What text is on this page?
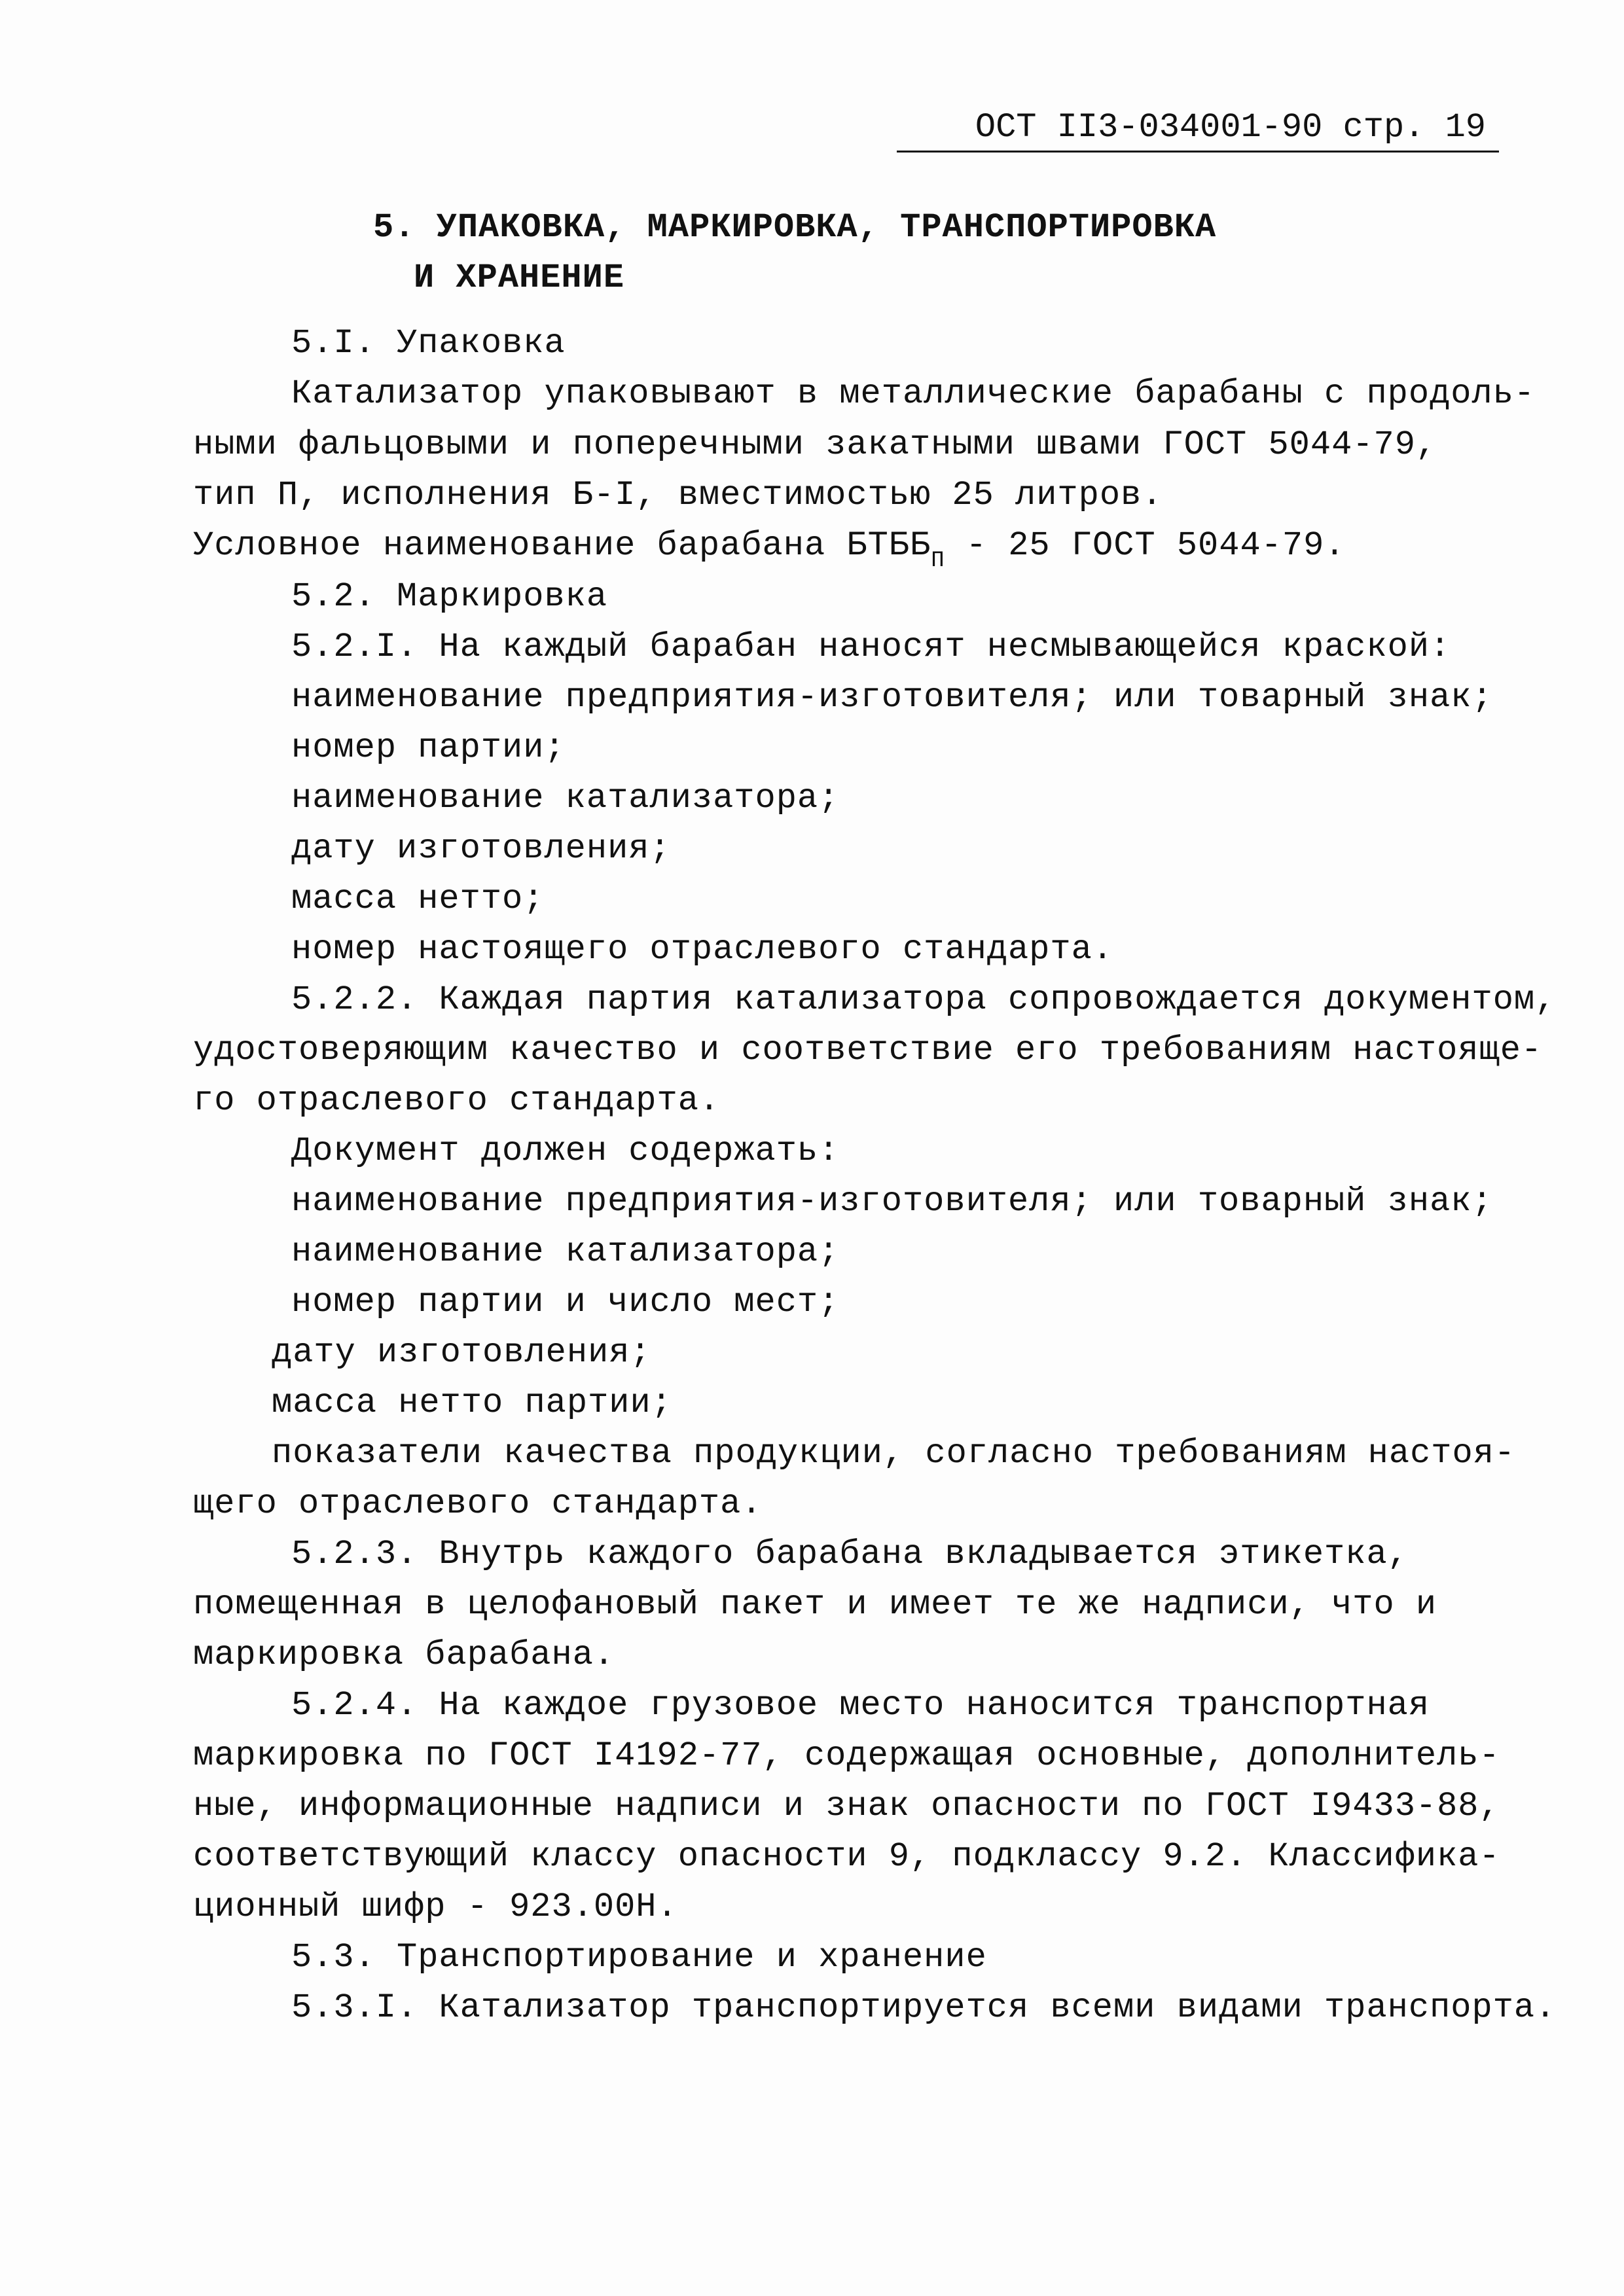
ОСТ II3-034001-90 стр. 19
5. УПАКОВКА, МАРКИРОВКА, ТРАНСПОРТИРОВКА
И ХРАНЕНИЕ
5.I. Упаковка
Катализатор упаковывают в металлические барабаны с продоль-
ными фальцовыми и поперечными закатными швами ГОСТ 5044-79,
тип П, исполнения Б-I, вместимостью 25 литров.
Условное наименование барабана $БТББ_П - 25$ ГОСТ 5044-79.
5.2. Маркировка
5.2.I. На каждый барабан наносят несмывающейся краской:
наименование предприятия-изготовителя; или товарный знак;
номер партии;
наименование катализатора;
дату изготовления;
масса нетто;
номер настоящего отраслевого стандарта.
5.2.2. Каждая партия катализатора сопровождается документом,
удостоверяющим качество и соответствие его требованиям настояще-
го отраслевого стандарта.
Документ должен содержать:
наименование предприятия-изготовителя; или товарный знак;
наименование катализатора;
номер партии и число мест;
дату изготовления;
масса нетто партии;
показатели качества продукции, согласно требованиям настоя-
щего отраслевого стандарта.
5.2.3. Внутрь каждого барабана вкладывается этикетка,
помещенная в целофановый пакет и имеет те же надписи, что и
маркировка барабана.
5.2.4. На каждое грузовое место наносится транспортная
маркировка по ГОСТ I4192-77, содержащая основные, дополнитель-
ные, информационные надписи и знак опасности по ГОСТ I9433-88,
соответствующий классу опасности 9, подклассу 9.2. Классифика-
ционный шифр - 923.00Н.
5.3. Транспортирование и хранение
5.3.I. Катализатор транспортируется всеми видами транспорта.
